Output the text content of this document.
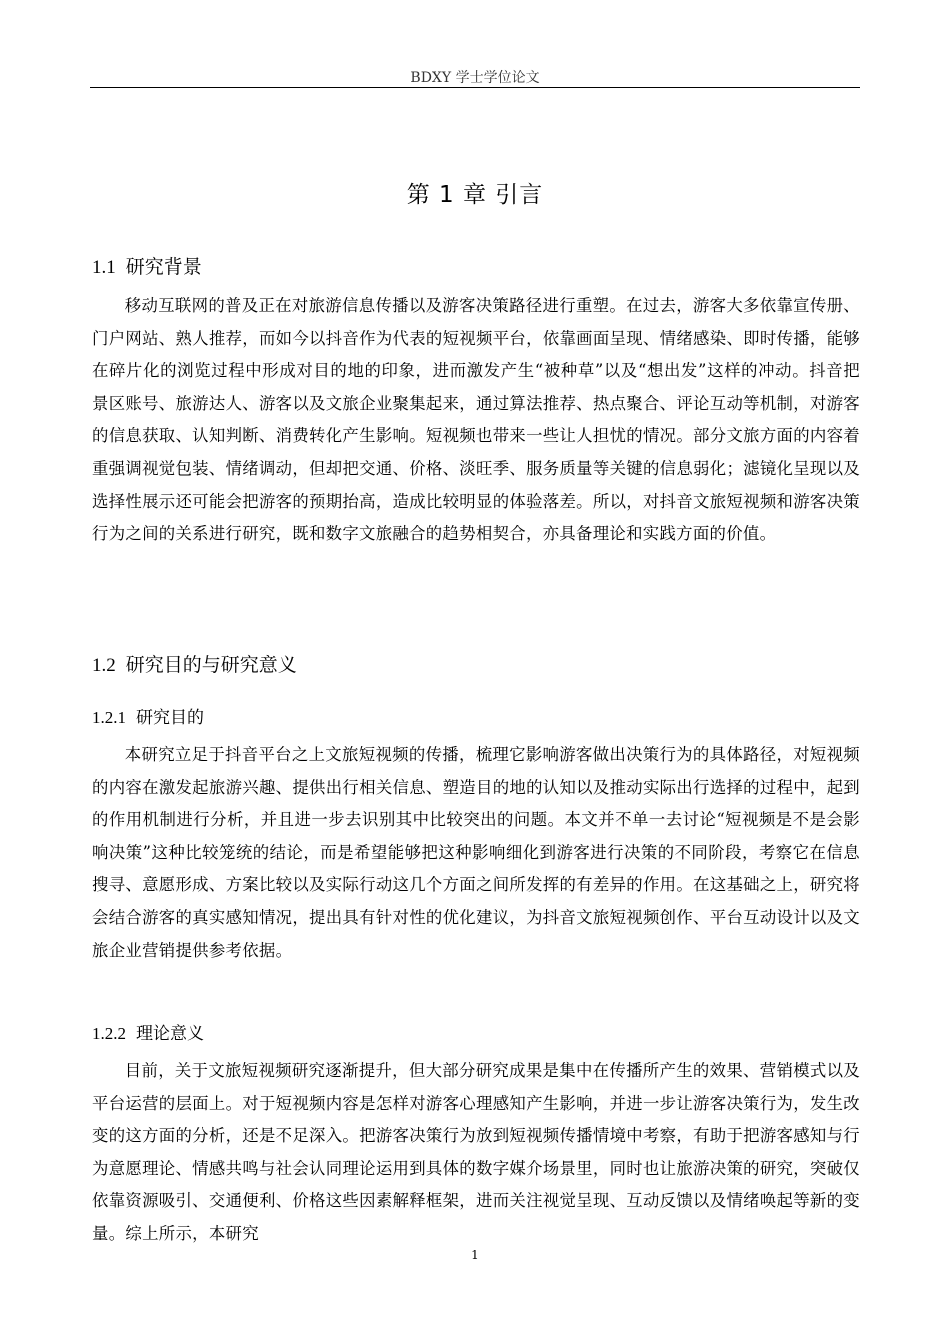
BDXY 学士学位论文
第 1 章 引言
1.1 研究背景
移动互联网的普及正在对旅游信息传播以及游客决策路径进行重塑。在过去，游客大多依靠宣传册、门户网站、熟人推荐，而如今以抖音作为代表的短视频平台，依靠画面呈现、情绪感染、即时传播，能够在碎片化的浏览过程中形成对目的地的印象，进而激发产生“被种草”以及“想出发”这样的冲动。抖音把景区账号、旅游达人、游客以及文旅企业聚集起来，通过算法推荐、热点聚合、评论互动等机制，对游客的信息获取、认知判断、消费转化产生影响。短视频也带来一些让人担忧的情况。部分文旅方面的内容着重强调视觉包装、情绪调动，但却把交通、价格、淡旺季、服务质量等关键的信息弱化；滤镜化呈现以及选择性展示还可能会把游客的预期抬高，造成比较明显的体验落差。所以，对抖音文旅短视频和游客决策行为之间的关系进行研究，既和数字文旅融合的趋势相契合，亦具备理论和实践方面的价值。
1.2 研究目的与研究意义
1.2.1 研究目的
本研究立足于抖音平台之上文旅短视频的传播，梳理它影响游客做出决策行为的具体路径，对短视频的内容在激发起旅游兴趣、提供出行相关信息、塑造目的地的认知以及推动实际出行选择的过程中，起到的作用机制进行分析，并且进一步去识别其中比较突出的问题。本文并不单一去讨论“短视频是不是会影响决策”这种比较笼统的结论，而是希望能够把这种影响细化到游客进行决策的不同阶段，考察它在信息搜寻、意愿形成、方案比较以及实际行动这几个方面之间所发挥的有差异的作用。在这基础之上，研究将会结合游客的真实感知情况，提出具有针对性的优化建议，为抖音文旅短视频创作、平台互动设计以及文旅企业营销提供参考依据。
1.2.2 理论意义
目前，关于文旅短视频研究逐渐提升，但大部分研究成果是集中在传播所产生的效果、营销模式以及平台运营的层面上。对于短视频内容是怎样对游客心理感知产生影响，并进一步让游客决策行为，发生改变的这方面的分析，还是不足深入。把游客决策行为放到短视频传播情境中考察，有助于把游客感知与行为意愿理论、情感共鸣与社会认同理论运用到具体的数字媒介场景里，同时也让旅游决策的研究，突破仅依靠资源吸引、交通便利、价格这些因素解释框架，进而关注视觉呈现、互动反馈以及情绪唤起等新的变量。综上所示，本研究
1
